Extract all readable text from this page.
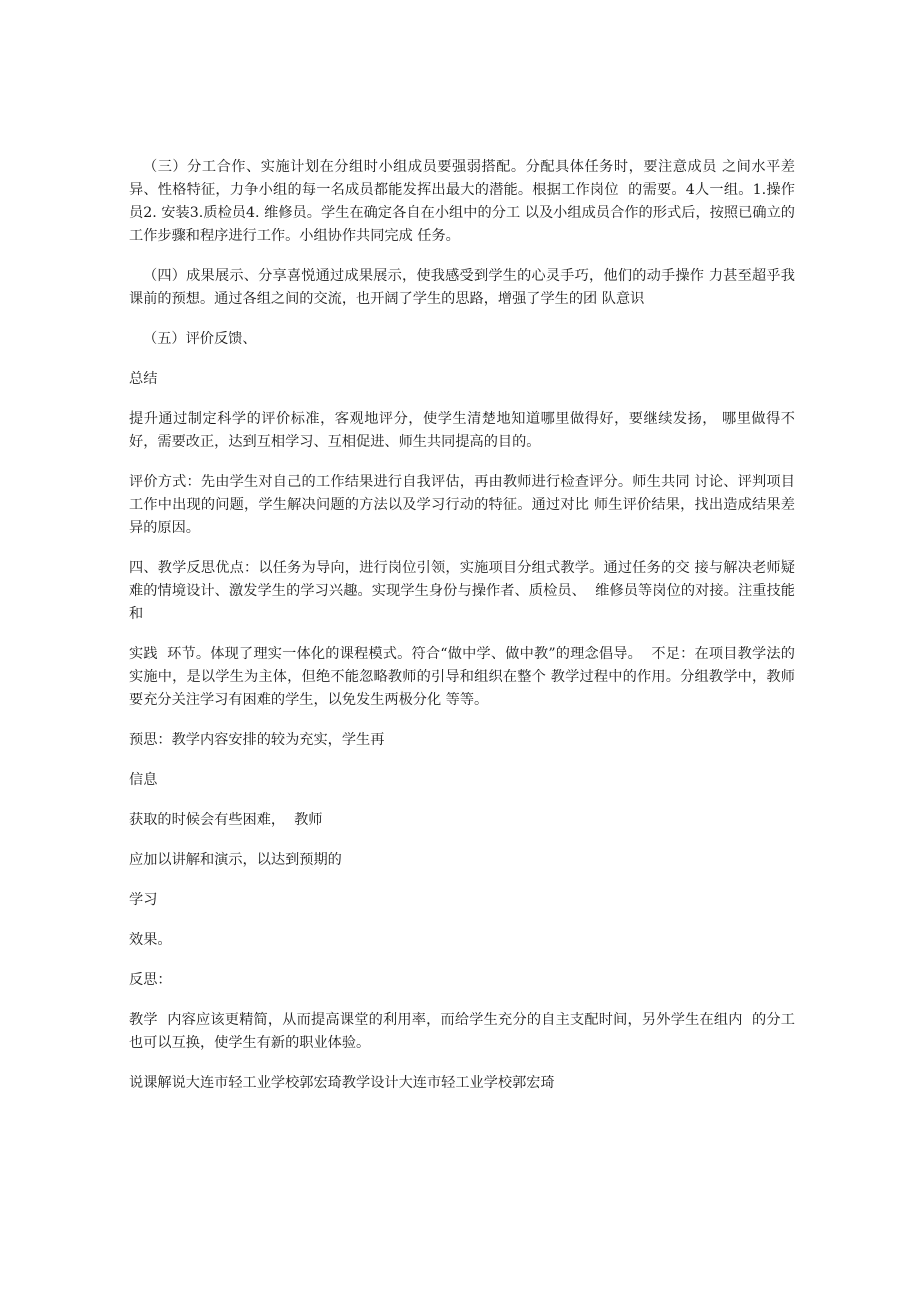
（三）分工合作、实施计划在分组时小组成员要强弱搭配。分配具体任务时，要注意成员 之间水平差异、性格特征，力争小组的每一名成员都能发挥出最大的潜能。根据工作岗位  的需要。4人一组。1.操作员2. 安装3.质检员4. 维修员。学生在确定各自在小组中的分工 以及小组成员合作的形式后，按照已确立的工作步骤和程序进行工作。小组协作共同完成 任务。

（四）成果展示、分享喜悦通过成果展示，使我感受到学生的心灵手巧，他们的动手操作 力甚至超乎我课前的预想。通过各组之间的交流，也开阔了学生的思路，增强了学生的团 队意识

（五）评价反馈、

总结

提升通过制定科学的评价标准，客观地评分，使学生清楚地知道哪里做得好，要继续发扬， 哪里做得不好，需要改正，达到互相学习、互相促进、师生共同提高的目的。

评价方式：先由学生对自己的工作结果进行自我评估，再由教师进行检查评分。师生共同 讨论、评判项目工作中出现的问题，学生解决问题的方法以及学习行动的特征。通过对比 师生评价结果，找出造成结果差异的原因。

四、教学反思优点：以任务为导向，进行岗位引领，实施项目分组式教学。通过任务的交 接与解决老师疑难的情境设计、激发学生的学习兴趣。实现学生身份与操作者、质检员、  维修员等岗位的对接。注重技能和

实践  环节。体现了理实一体化的课程模式。符合“做中学、做中教”的理念倡导。  不足：在项目教学法的实施中，是以学生为主体，但绝不能忽略教师的引导和组织在整个 教学过程中的作用。分组教学中，教师要充分关注学习有困难的学生，以免发生两极分化 等等。

预思：教学内容安排的较为充实，学生再

信息

获取的时候会有些困难，  教师

应加以讲解和演示，以达到预期的

学习

效果。

反思：

教学  内容应该更精简，从而提高课堂的利用率，而给学生充分的自主支配时间，另外学生在组内  的分工也可以互换，使学生有新的职业体验。

说课解说大连市轻工业学校郭宏琦教学设计大连市轻工业学校郭宏琦
